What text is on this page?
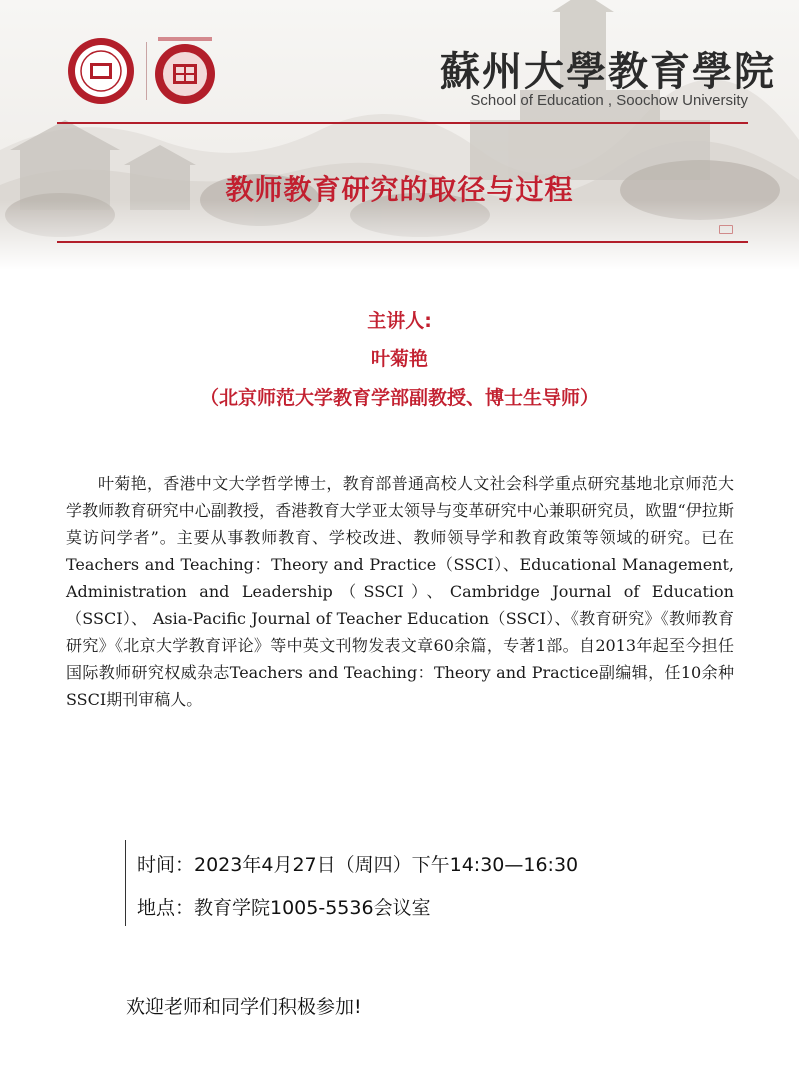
蘇州大學教育學院
School of Education , Soochow University
教师教育研究的取径与过程
主讲人:
叶菊艳
（北京师范大学教育学部副教授、博士生导师）
叶菊艳，香港中文大学哲学博士，教育部普通高校人文社会科学重点研究基地北京师范大学教师教育研究中心副教授，香港教育大学亚太领导与变革研究中心兼职研究员，欧盟“伊拉斯莫访问学者”。主要从事教师教育、学校改进、教师领导学和教育政策等领域的研究。已在 Teachers and Teaching：Theory and Practice（SSCI）、Educational Management, Administration and Leadership（SSCI）、Cambridge Journal of Education（SSCI）、 Asia-Pacific Journal of Teacher Education（SSCI）、《教育研究》《教师教育研究》《北京大学教育评论》等中英文刊物发表文章60余篇，专著1部。自2013年起至今担任国际教师研究权威杂志Teachers and Teaching：Theory and Practice副编辑，任10余种SSCI期刊审稿人。
时间：2023年4月27日（周四）下午14:30—16:30
地点：教育学院1005-5536会议室
欢迎老师和同学们积极参加!
